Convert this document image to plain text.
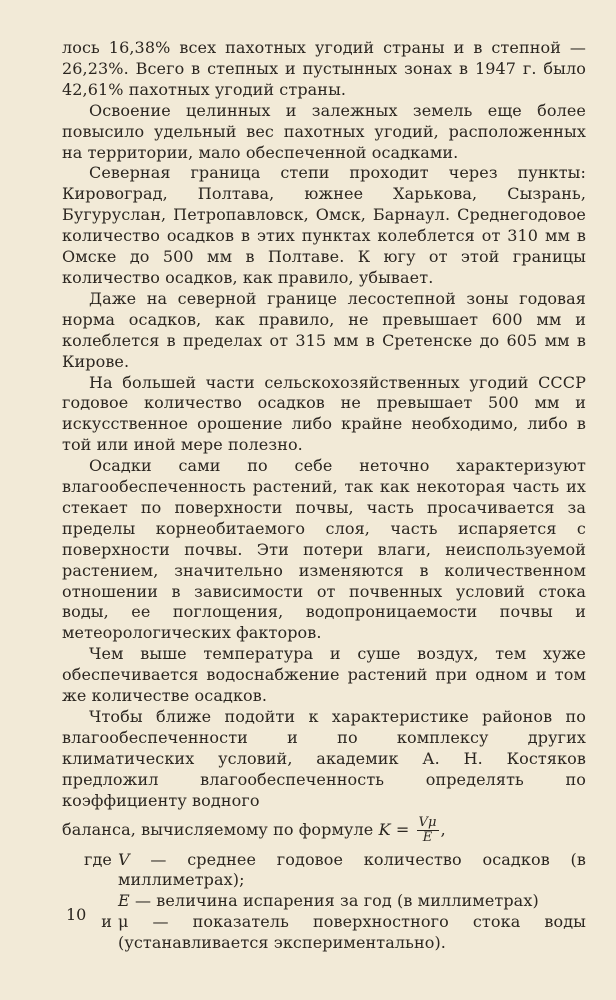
лось 16,38% всех пахотных угодий страны и в степной — 26,23%. Всего в степных и пустынных зонах в 1947 г. было 42,61% пахотных угодий страны.

Освоение целинных и залежных земель еще более повысило удельный вес пахотных угодий, расположенных на территории, мало обеспеченной осадками.

Северная граница степи проходит через пункты: Кировоград, Полтава, южнее Харькова, Сызрань, Бугуруслан, Петропавловск, Омск, Барнаул. Среднегодовое количество осадков в этих пунктах колеблется от 310 мм в Омске до 500 мм в Полтаве. К югу от этой границы количество осадков, как правило, убывает.

Даже на северной границе лесостепной зоны годовая норма осадков, как правило, не превышает 600 мм и колеблется в пределах от 315 мм в Сретенске до 605 мм в Кирове.

На большей части сельскохозяйственных угодий СССР годовое количество осадков не превышает 500 мм и искусственное орошение либо крайне необходимо, либо в той или иной мере полезно.

Осадки сами по себе неточно характеризуют влагообеспеченность растений, так как некоторая часть их стекает по поверхности почвы, часть просачивается за пределы корнеобитаемого слоя, часть испаряется с поверхности почвы. Эти потери влаги, неиспользуемой растением, значительно изменяются в количественном отношении в зависимости от почвенных условий стока воды, ее поглощения, водопроницаемости почвы и метеорологических факторов.

Чем выше температура и суше воздух, тем хуже обеспечивается водоснабжение растений при одном и том же количестве осадков.

Чтобы ближе подойти к характеристике районов по влагообеспеченности и по комплексу других климатических условий, академик А. Н. Костяков предложил влагообеспеченность определять по коэффициенту водного

баланса, вычисляемому по формуле $K = \frac{V\mu}{E}$ ,
где V — среднее годовое количество осадков (в миллиметрах);
E — величина испарения за год (в миллиметрах)
и μ — показатель поверхностного стока воды (устанавливается экспериментально).
10
